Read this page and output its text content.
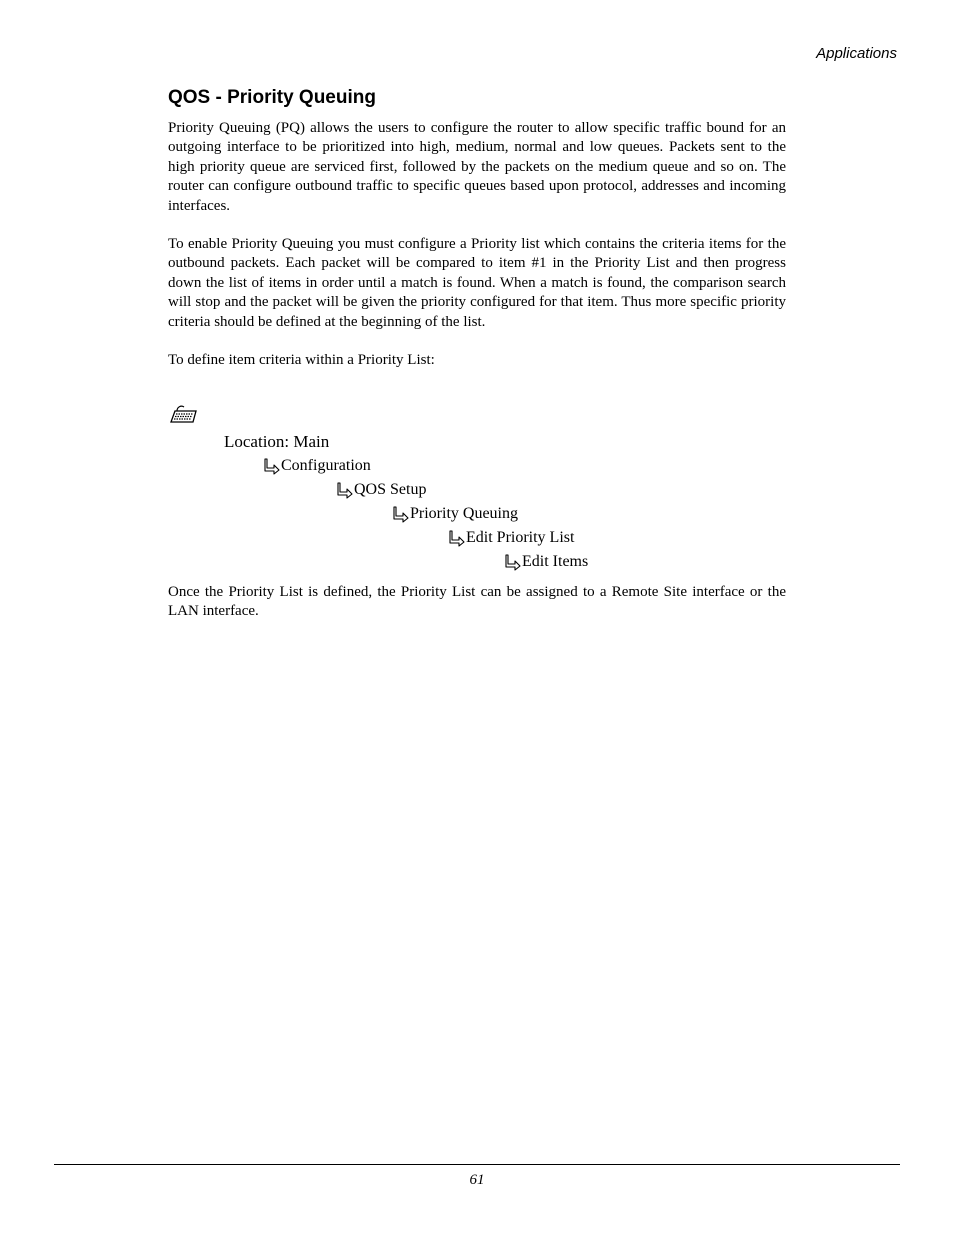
Applications
QOS - Priority Queuing

Priority Queuing (PQ) allows the users to configure the router to allow specific traffic bound for an outgoing interface to be prioritized into high, medium, normal and low queues. Packets sent to the high priority queue are serviced first, followed by the packets on the medium queue and so on. The router can configure outbound traffic to specific queues based upon protocol, addresses and incoming interfaces.

To enable Priority Queuing you must configure a Priority list which contains the criteria items for the outbound packets. Each packet will be compared to item #1 in the Priority List and then progress down the list of items in order until a match is found. When a match is found, the comparison search will stop and the packet will be given the priority configured for that item. Thus more specific priority criteria should be defined at the beginning of the list.

To define item criteria within a Priority List:

Location: Main
Configuration
QOS Setup
Priority Queuing
Edit Priority List
Edit Items

Once the Priority List is defined, the Priority List can be assigned to a Remote Site interface or the LAN interface.

61
